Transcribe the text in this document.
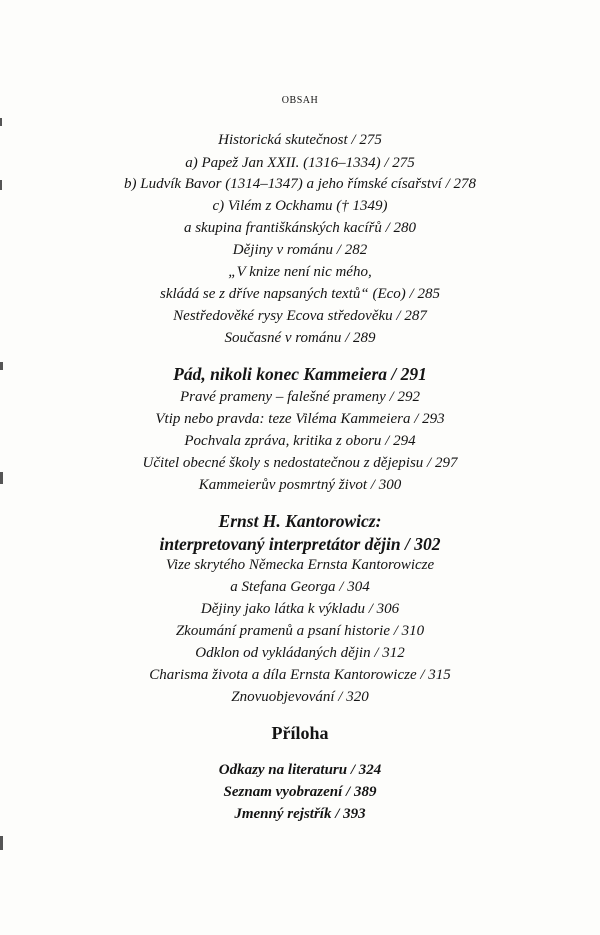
OBSAH
Historická skutečnost / 275
a) Papež Jan XXII. (1316–1334) / 275
b) Ludvík Bavor (1314–1347) a jeho římské císařství / 278
c) Vilém z Ockhamu († 1349)
a skupina františkánských kacířů / 280
Dějiny v románu / 282
„V knize není nic mého,
skládá se z dříve napsaných textů“ (Eco) / 285
Nestředověké rysy Ecova středověku / 287
Současné v románu / 289
Pád, nikoli konec Kammeiera / 291
Pravé prameny – falešné prameny / 292
Vtip nebo pravda: teze Viléma Kammeiera / 293
Pochvala zpráva, kritika z oboru / 294
Učitel obecné školy s nedostatečnou z dějepisu / 297
Kammeierův posmrtný život / 300
Ernst H. Kantorowicz:
interpretovaný interpretátor dějin / 302
Vize skrytého Německa Ernsta Kantorowicze
a Stefana Georga / 304
Dějiny jako látka k výkladu / 306
Zkoumání pramenů a psaní historie / 310
Odklon od vykládaných dějin / 312
Charisma života a díla Ernsta Kantorowicze / 315
Znovuobjevování / 320
Příloha
Odkazy na literaturu / 324
Seznam vyobrazení / 389
Jmenný rejstřík / 393
